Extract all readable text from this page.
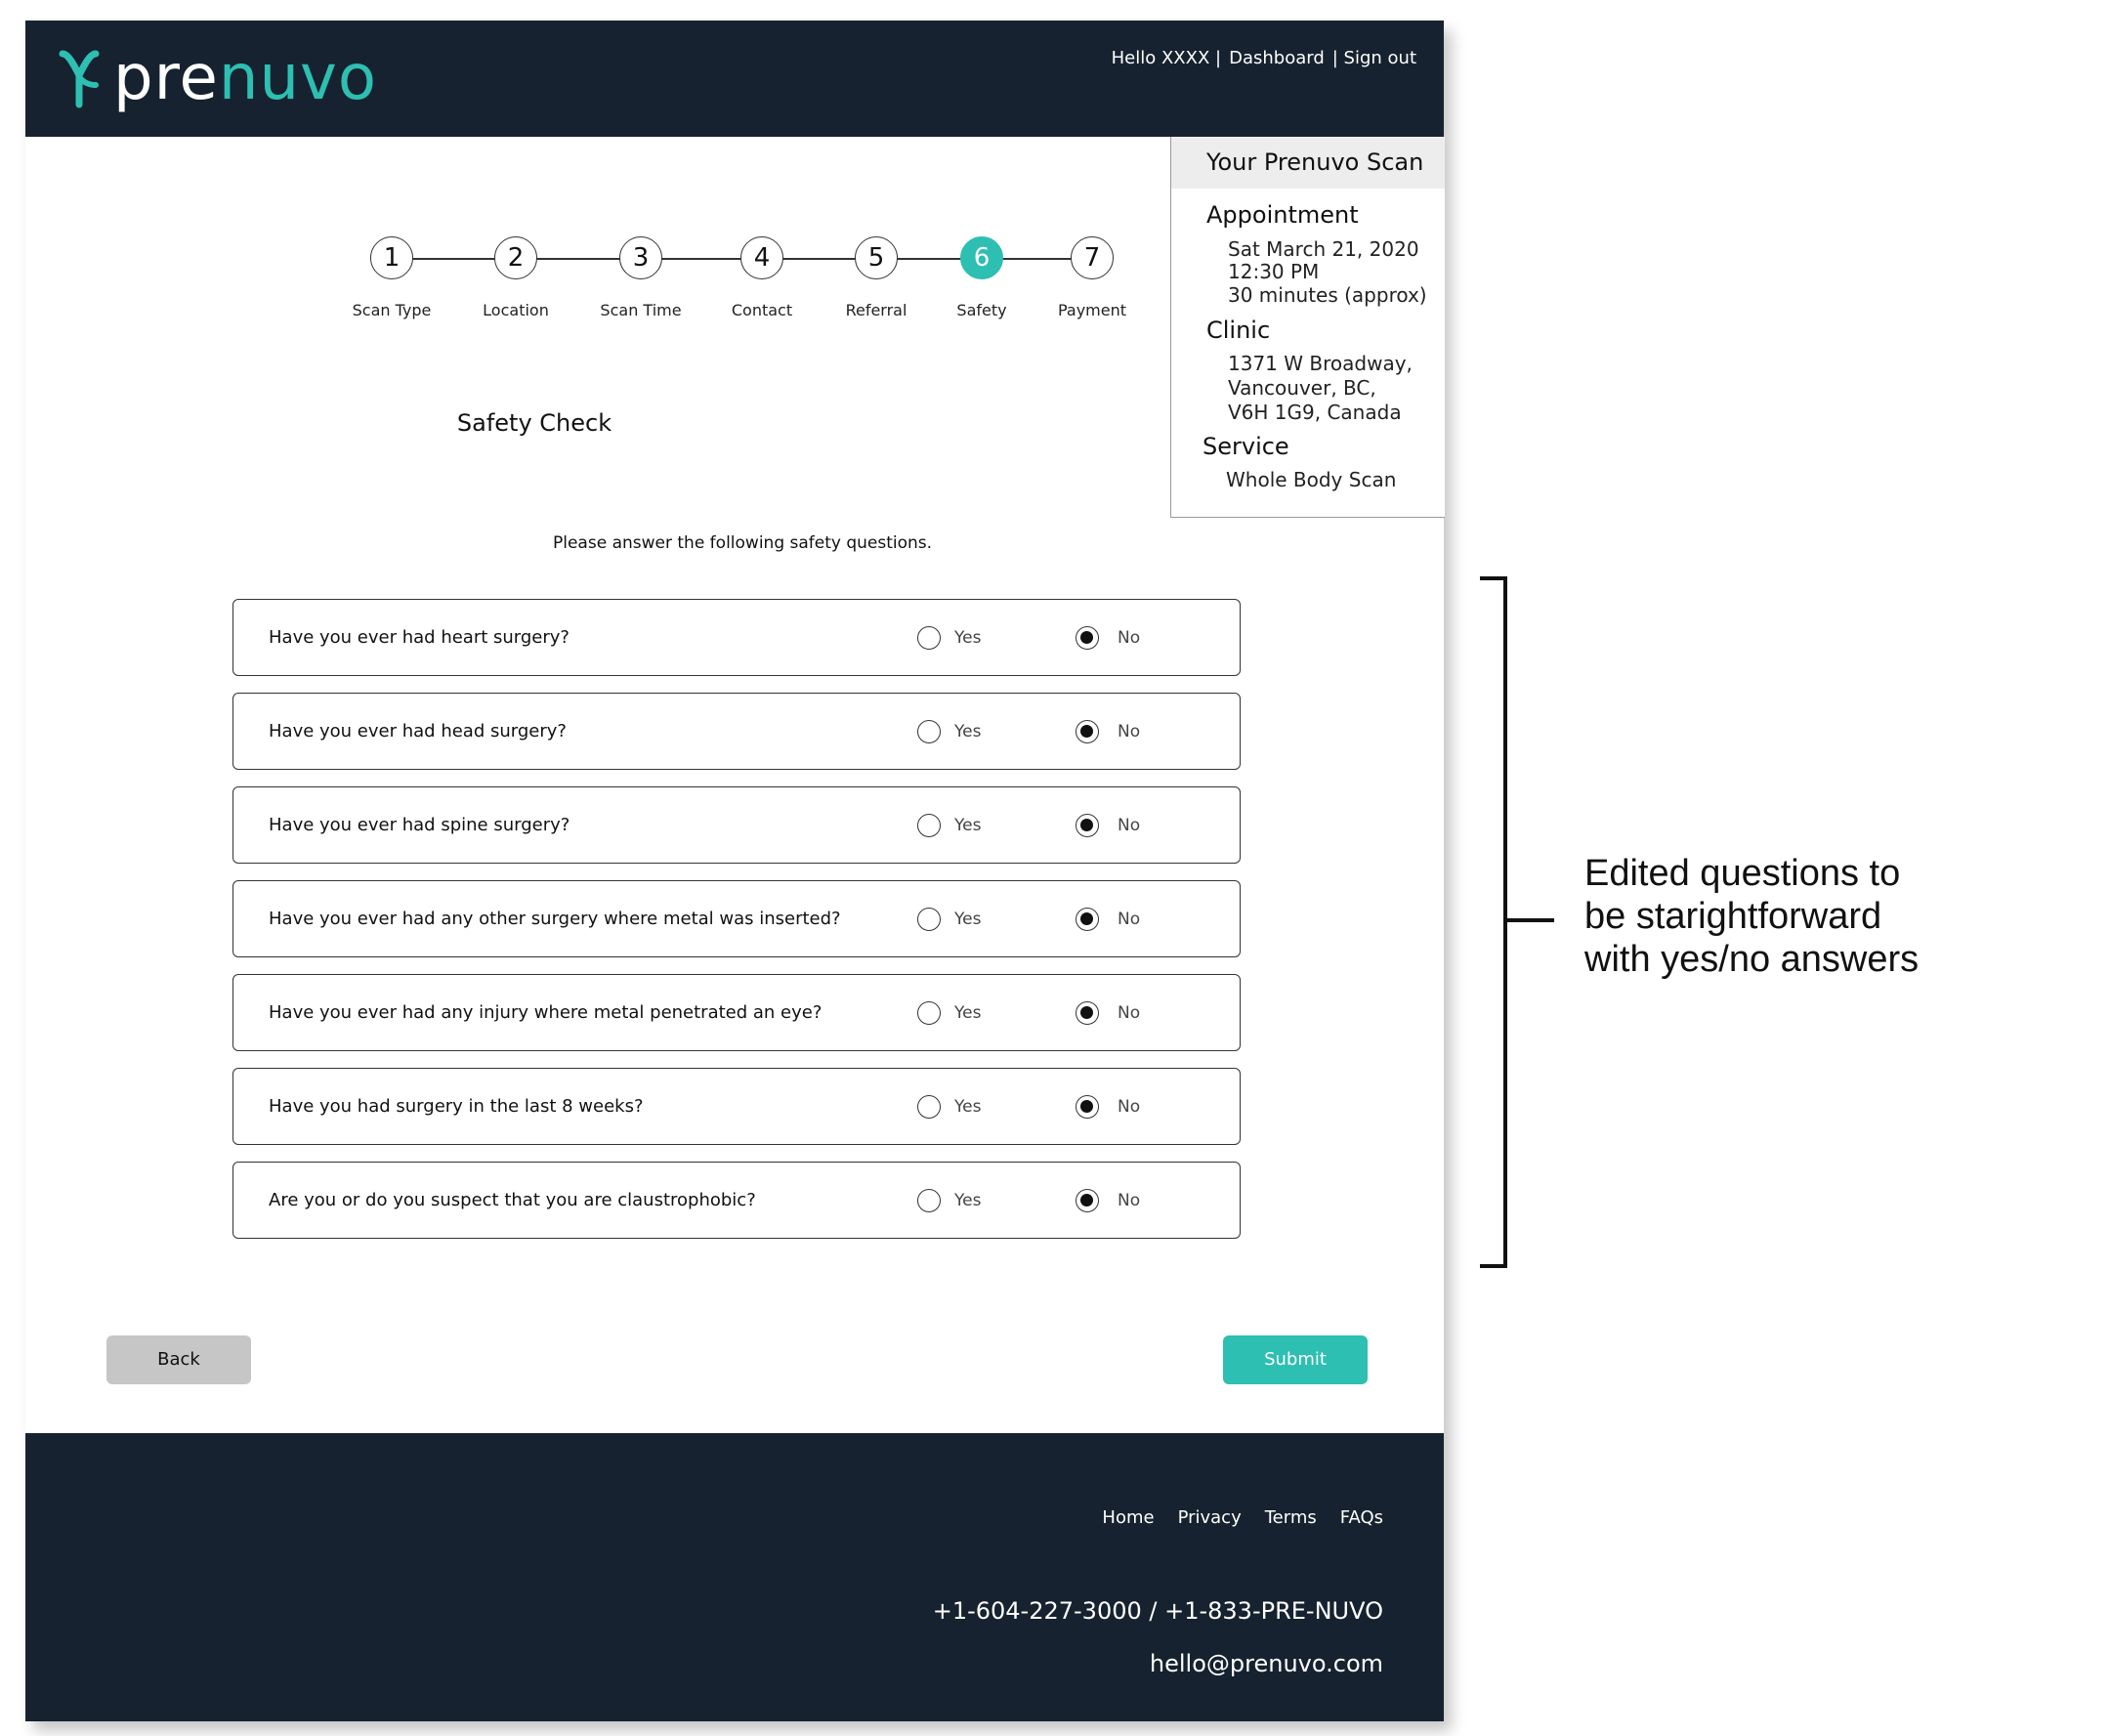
prenuvo	Hello XXXX | Dashboard | Sign out
Your Prenuvo Scan
Appointment
Sat March 21, 2020
12:30 PM
30 minutes (approx)
Clinic
1371 W Broadway,
Vancouver, BC,
V6H 1G9, Canada
Service
Whole Body Scan
1
Scan Type
2
Location
3
Scan Time
4
Contact
5
Referral
6
Safety
7
Payment
Safety Check
Please answer the following safety questions.
Have you ever had heart surgery?	Yes	No
Have you ever had head surgery?	Yes	No
Have you ever had spine surgery?	Yes	No
Have you ever had any other surgery where metal was inserted?	Yes	No
Have you ever had any injury where metal penetrated an eye?	Yes	No
Have you had surgery in the last 8 weeks?	Yes	No
Are you or do you suspect that you are claustrophobic?	Yes	No
Back	Submit
Home Privacy Terms FAQs
+1-604-227-3000 / +1-833-PRE-NUVO
hello@prenuvo.com
Edited questions to
be starightforward
with yes/no answers
